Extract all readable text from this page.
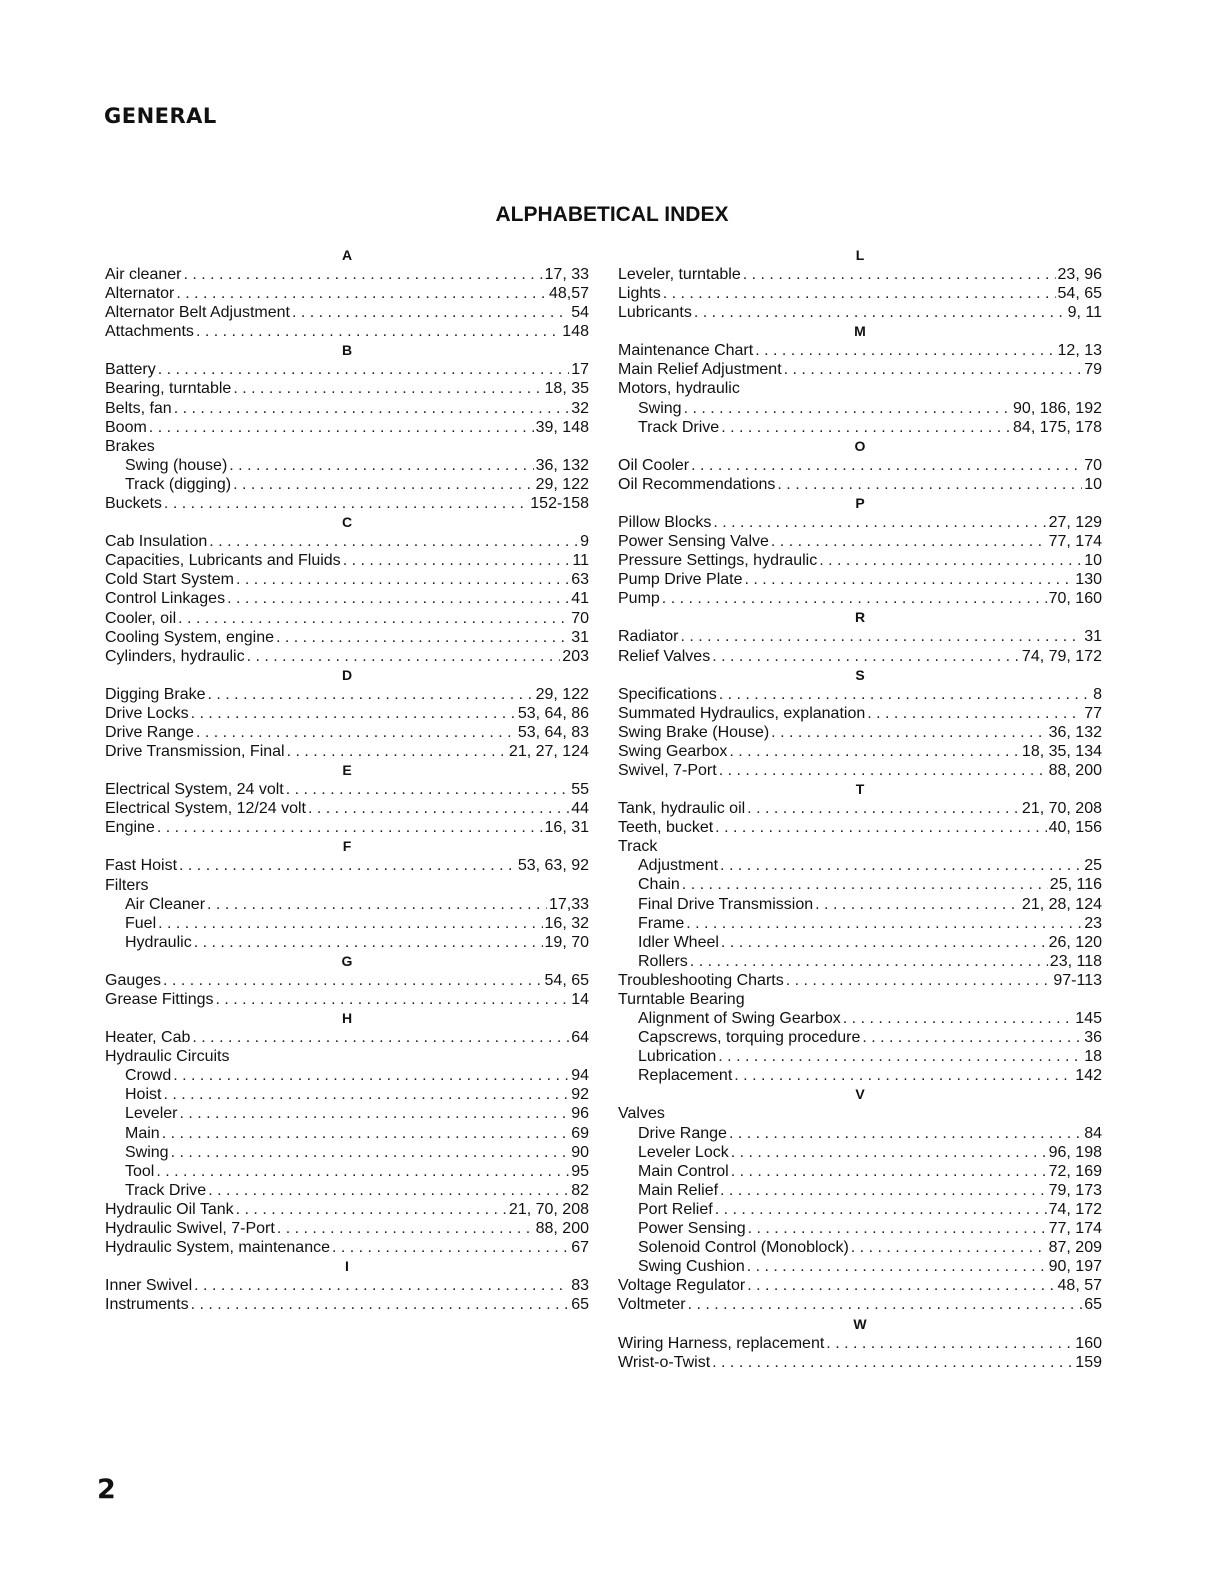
GENERAL
ALPHABETICAL INDEX
A
Air cleaner . . .	17, 33
Alternator . . .	48,57
Alternator Belt Adjustment . . .	54
Attachments . . .	148
B
Battery . . .	17
Bearing, turntable . . .	18, 35
Belts, fan . . .	32
Boom . . .	39, 148
Brakes
Swing (house) . . .	36, 132
Track (digging) . . .	29, 122
Buckets . . .	152-158
C
Cab Insulation . . .	9
Capacities, Lubricants and Fluids . . .	11
Cold Start System . . .	63
Control Linkages . . .	41
Cooler, oil . . .	70
Cooling System, engine . . .	31
Cylinders, hydraulic . . .	203
D
Digging Brake . . .	29, 122
Drive Locks . . .	53, 64, 86
Drive Range . . .	53, 64, 83
Drive Transmission, Final . . .	21, 27, 124
E
Electrical System, 24 volt . . .	55
Electrical System, 12/24 volt . . .	44
Engine . . .	16, 31
F
Fast Hoist . . .	53, 63, 92
Filters
Air Cleaner . . .	17,33
Fuel . . .	16, 32
Hydraulic . . .	19, 70
G
Gauges . . .	54, 65
Grease Fittings . . .	14
H
Heater, Cab . . .	64
Hydraulic Circuits
Crowd . . .	94
Hoist . . .	92
Leveler . . .	96
Main . . .	69
Swing . . .	90
Tool . . .	95
Track Drive . . .	82
Hydraulic Oil Tank . . .	21, 70, 208
Hydraulic Swivel, 7-Port . . .	88, 200
Hydraulic System, maintenance . . .	67
I
Inner Swivel . . .	83
Instruments . . .	65
L
Leveler, turntable . . .	23, 96
Lights . . .	54, 65
Lubricants . . .	9, 11
M
Maintenance Chart . . .	12, 13
Main Relief Adjustment . . .	79
Motors, hydraulic
Swing . . .	90, 186, 192
Track Drive . . .	84, 175, 178
O
Oil Cooler . . .	70
Oil Recommendations . . .	10
P
Pillow Blocks . . .	27, 129
Power Sensing Valve . . .	77, 174
Pressure Settings, hydraulic . . .	10
Pump Drive Plate . . .	130
Pump . . .	70, 160
R
Radiator . . .	31
Relief Valves . . .	74, 79, 172
S
Specifications . . .	8
Summated Hydraulics, explanation . . .	77
Swing Brake (House) . . .	36, 132
Swing Gearbox . . .	18, 35, 134
Swivel, 7-Port . . .	88, 200
T
Tank, hydraulic oil . . .	21, 70, 208
Teeth, bucket . . .	40, 156
Track
Adjustment . . .	25
Chain . . .	25, 116
Final Drive Transmission . . .	21, 28, 124
Frame . . .	23
Idler Wheel . . .	26, 120
Rollers . . .	23, 118
Troubleshooting Charts . . .	97-113
Turntable Bearing
Alignment of Swing Gearbox . . .	145
Capscrews, torquing procedure . . .	36
Lubrication . . .	18
Replacement . . .	142
V
Valves
Drive Range . . .	84
Leveler Lock . . .	96, 198
Main Control . . .	72, 169
Main Relief . . .	79, 173
Port Relief . . .	74, 172
Power Sensing . . .	77, 174
Solenoid Control (Monoblock) . . .	87, 209
Swing Cushion . . .	90, 197
Voltage Regulator . . .	48, 57
Voltmeter . . .	65
W
Wiring Harness, replacement . . .	160
Wrist-o-Twist . . .	159
2
